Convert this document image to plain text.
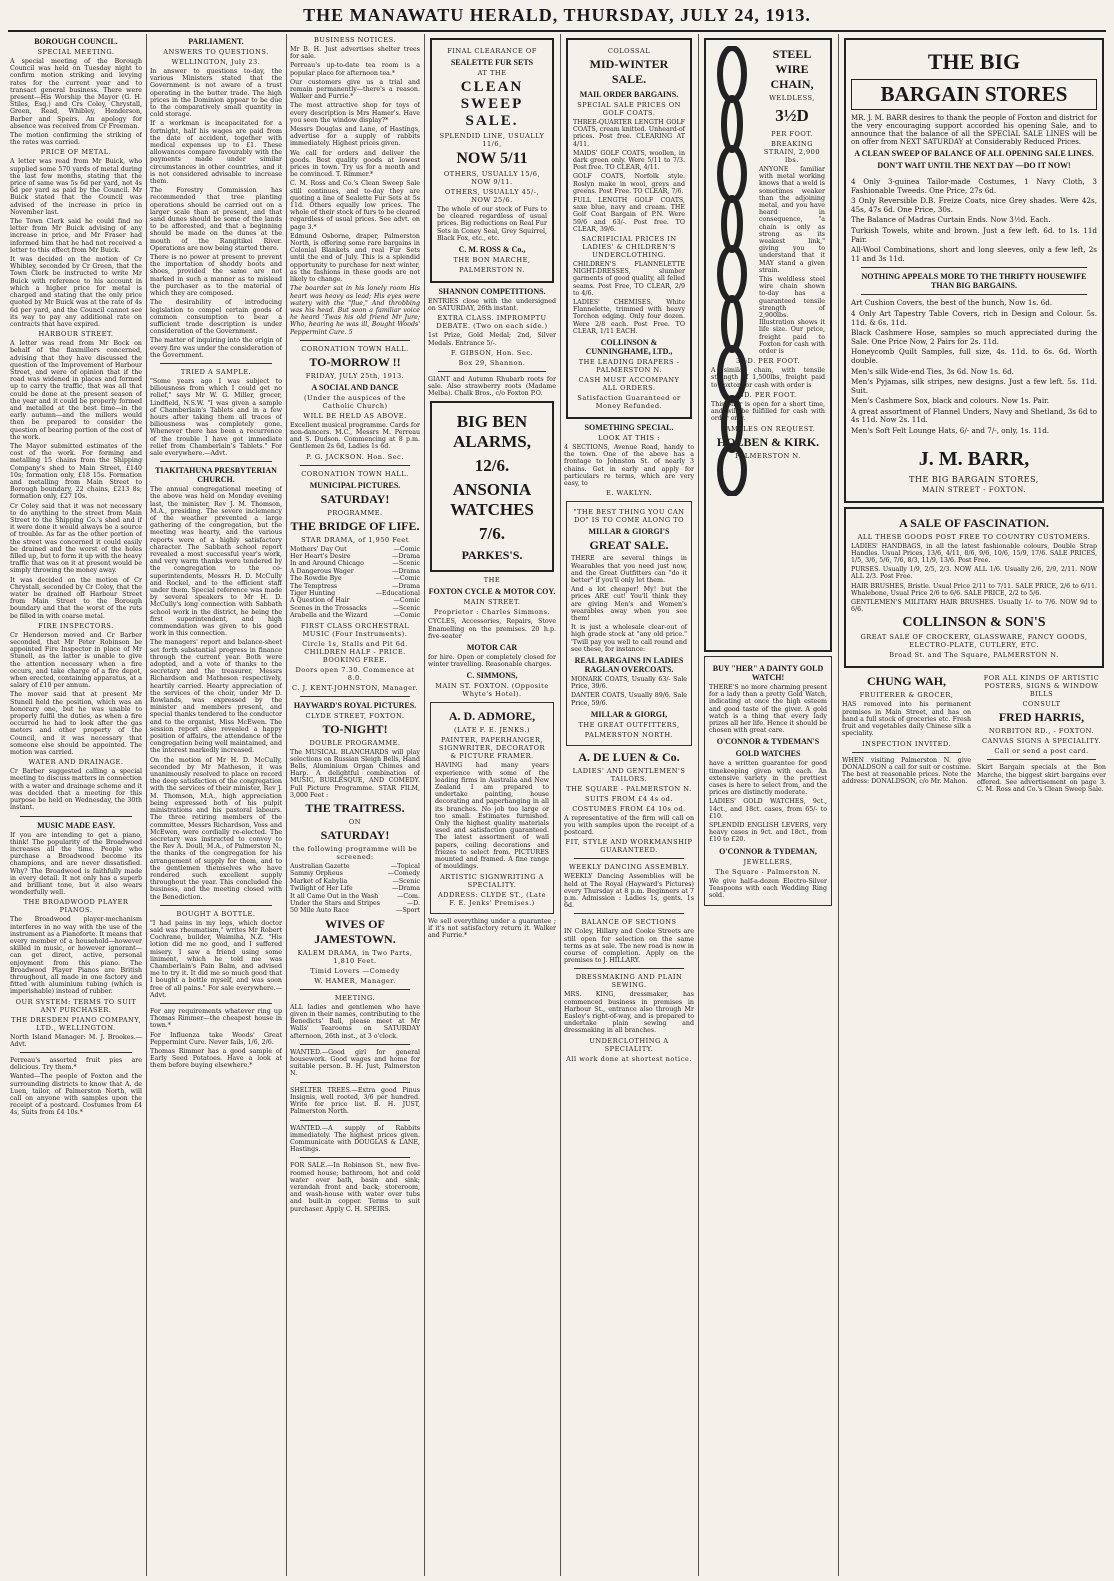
THE MANAWATU HERALD, THURSDAY, JULY 24, 1913.
BOROUGH COUNCIL.
SPECIAL MEETING.

A special meeting of the Borough Council was held on Tuesday night to confirm motion striking and levying rates for the current year and to transact general business. There were present—His Worship the Mayor (G. H. Stiles, Esq.) and Crs Coley, Chrystall, Green, Read, Whibley, Henderson, Barber and Speirs. An apology for absence was received from Cr Freeman.

The motion confirming the striking of the rates was carried.

PRICE OF METAL.

A letter was read from Mr Buick, who supplied some 570 yards of metal during the last few months, stating that the price of same was 5s 6d per yard, not 4s 6d per yard as paid by the Council. Mr Buick stated that the Council was advised of the increase in price in November last.

The Town Clerk said he could find no letter from Mr Buick advising of any increase in price, and Mr Fraser had informed him that he had not received a letter to this effect from Mr Buick.

It was decided on the motion of Cr Whibley, seconded by Cr Green, that the Town Clerk be instructed to write Mr Buick with reference to his account in which a higher price for metal is charged and stating that the only price quoted by Mr Buick was at the rate of 4s 6d per yard, and the Council cannot see its way to pay any additional rate on contracts that have expired.

HARBOUR STREET.

A letter was read from Mr Bock on behalf of the flaxmillers concerned, advising that they have discussed the question of the Improvement of Harbour Street, and were of opinion that if the road was widened in places and formed up to carry the traffic, that was all that could be done at the present season of the year and it could be properly formed and metalled at the best time—in the early autumn—and the millers would then be prepared to consider the question of bearing portion of the cost of the work.

The Mayor submitted estimates of the cost of the work. For forming and metalling 15 chains from the Shipping Company's shed to Main Street, £140 10s; formation only, £18 15s. Formation and metalling from Main Street to Borough boundary, 22 chains, £213 8s; formation only, £27 10s.

Cr Coley said that it was not necessary to do anything to the street from Main Street to the Shipping Co.'s shed and if it were done it would always be a source of trouble. As far as the other portion of the street was concerned it could easily be drained and the worst of the holes filled up, but to form it up with the heavy traffic that was on it at present would be simply throwing the money away.

It was decided on the motion of Cr Chrystall, seconded by Cr Coley, that the water be drained off Harbour Street from Main Street to the Borough boundary and that the worst of the ruts be filled in with coarse metal.

FIRE INSPECTORS.

Cr Henderson moved and Cr Barber seconded, that Mr Peter Robinson be appointed Fire Inspector in place of Mr Stunell, as the latter is unable to give the attention necessary when a fire occurs, and take charge of a fire depot, when erected, containing apparatus, at a salary of £10 per annum.

The mover said that at present Mr Stunell held the position, which was an honorary one, but he was unable to properly fulfil the duties, as when a fire occurred he had to look after the gas meters and other property of the Council, and it was necessary that someone else should be appointed. The motion was carried.

WATER AND DRAINAGE.

Cr Barber suggested calling a special meeting to discuss matters in connection with a water and drainage scheme and it was decided that a meeting for this purpose be held on Wednesday, the 30th instant.

MUSIC MADE EASY.

If you are intending to get a piano, think! The popularity of the Broadwood increases all the time. People who purchase a Broadwood become its champions, and are never dissatisfied. Why? The Broadwood is faithfully made in every detail. It not only has a superb and brilliant tone, but it also wears wonderfully well.

THE BROADWOOD PLAYER PIANOS.

The Broadwood player-mechanism interferes in no way with the use of the instrument as a Pianoforte. It means that every member of a household—however skilled in music, or however ignorant—can get direct, active, personal enjoyment from this piano. The Broadwood Player Pianos are British throughout, all made in one factory and fitted with aluminium tubing (which is imperishable) instead of rubber.

OUR SYSTEM: TERMS TO SUIT ANY PURCHASER.
THE DRESDEN PIANO COMPANY, LTD., WELLINGTON.

North Island Manager: M. J. Brookes.—Advt.

Perreau's assorted fruit pies are delicious. Try them.*

Wanted—The people of Foxton and the surrounding districts to know that A. de Luen, tailor, of Palmerston North, will call on anyone with samples upon the receipt of a postcard. Costumes from £4 4s, Suits from £4 10s.*

PARLIAMENT.
ANSWERS TO QUESTIONS.
WELLINGTON, July 23.

In answer to questions to-day, the various Ministers stated that the Government is not aware of a trust operating in the butter trade. The high prices in the Dominion appear to be due to the comparatively small quantity in cold storage.

If a workman is incapacitated for a fortnight, half his wages are paid from the date of accident, together with medical expenses up to £1. These allowances compare favourably with the payments made under similar circumstances in other countries, and it is not considered advisable to increase them.

The Forestry Commission has recommended that tree planting operations should be carried out on a larger scale than at present, and that sand dunes should be some of the lands to be afforested, and that a beginning should be made on the dunes at the mouth of the Rangitikei River. Operations are now being started there.

There is no power at present to prevent the importation of shoddy boots and shoes, provided the same are not marked in such a manner as to mislead the purchaser as to the material of which they are composed.

The desirability of introducing legislation to compel certain goods of common consumption to bear a sufficient trade description is under consideration of the Government.

The matter of inquiring into the origin of every fire was under the consideration of the Government.

TRIED A SAMPLE.

"Some years ago I was subject to biliousness from which I could get no relief," says Mr W. G. Miller, grocer, Lindfield, N.S.W. "I was given a sample of Chamberlain's Tablets and in a few hours after taking them all traces of biliousness was completely gone. Whenever there has been a recurrence of the trouble I have got immediate relief from Chamberlain's Tablets." For sale everywhere.—Advt.

TIAKITAHUNA PRESBYTERIAN CHURCH.

The annual congregational meeting of the above was held on Monday evening last, the minister, Rev J. M. Thomson, M.A., presiding. The severe inclemency of the weather prevented a large gathering of the congregation, but the meeting was hearty, and the various reports were of a highly satisfactory character. The Sabbath school report revealed a most successful year's work, and very warm thanks were tendered by the congregation to the co-superintendents, Messrs H. D. McCully and Rockel, and to the efficient staff under them. Special reference was made by several speakers to Mr H. D. McCully's long connection with Sabbath school work in the district, he being the first superintendent, and high commendation was given to his good work in this connection.

The managers' report and balance-sheet set forth substantial progress in finance through the current year. Both were adopted, and a vote of thanks to the secretary and the treasurer, Messrs Richardson and Matheson respectively, heartily carried. Hearty appreciation of the services of the choir, under Mr D. Rowlands, was expressed by the minister and members present, and special thanks tendered to the conductor and to the organist, Miss McEwen. The session report also revealed a happy position of affairs, the attendance of the congregation being well maintained, and the interest markedly increased.

On the motion of Mr H. D. McCully, seconded by Mr Matheson, it was unanimously resolved to place on record the deep satisfaction of the congregation with the services of their minister, Rev J. M. Thomson, M.A., high appreciation being expressed both of his pulpit ministrations and his pastoral labours. The three retiring members of the committee, Messrs Richardson, Voss and McEwen, were cordially re-elected. The secretary was instructed to convey to the Rev A. Doull, M.A., of Palmerston N., the thanks of the congregation for his arrangement of supply for them, and to the gentlemen themselves who have rendered such excellent supply throughout the year. This concluded the business, and the meeting closed with the Benediction.

BOUGHT A BOTTLE.

"I had pains in my legs, which doctor said was rheumatism," writes Mr Robert Cochrane, builder, Waimiha, N.Z. "His lotion did me no good, and I suffered misery. I saw a friend using some liniment, which he told me was Chamberlain's Pain Balm, and advised me to try it. It did me so much good that I bought a bottle myself, and was soon free of all pains." For sale everywhere.—Advt.

For any requirements whatever ring up Thomas Rimmer—the cheapest house in town.*

For Influenza take Woods' Great Peppermint Cure. Never fails, 1/6, 2/6.

Thomas Rimmer has a good sample of Early Seed Potatoes. Have a look at them before buying elsewhere.*

BUSINESS NOTICES.

Mr B. H. Just advertises shelter trees for sale.

Perreau's up-to-date tea room is a popular place for afternoon tea.*

Our customers give us a trial and remain permanently—there's a reason. Walker and Furrie.*

The most attractive shop for toys of every description is Mrs Hamer's. Have you seen the window display?*

Messrs Douglas and Lane, of Hastings, advertise for a supply of rabbits immediately. Highest prices given.

We call for orders and deliver the goods. Best quality goods at lowest prices in town. Try us for a month and be convinced. T. Rimmer.*

C. M. Ross and Co.'s Clean Sweep Sale still continues, and to-day they are quoting a line of Sealette Fur Sets at 5s 11d. Others equally low prices. The whole of their stock of furs to be cleared regardless of usual prices. See advt. on page 3.*

Edmund Osborne, draper, Palmerston North, is offering some rare bargains in Colonial Blankets and real Fur Sets until the end of July. This is a splendid opportunity to purchase for next winter, as the fashions in these goods are not likely to change.

The boarder sat in his lonely room His heart was heavy as lead; His eyes were watery with the "flue," And throbbing was his head. But soon a familiar voice he heard 'Twas his old friend Mr Jure; Who, hearing he was ill, Bought Woods' Peppermint Cure. 5

CORONATION TOWN HALL.
TO-MORROW !!
FRIDAY, JULY 25th, 1913.
A SOCIAL AND DANCE
(Under the auspices of the Catholic Church)
WILL BE HELD AS ABOVE.

Excellent musical programme. Cards for non-dancers. M.C., Messrs M. Perreau and S. Dudson. Commencing at 8 p.m. Gentlemen 2s 6d, Ladies 1s 6d.

P. G. JACKSON. Hon. Sec.
CORONATION TOWN HALL.
MUNICIPAL PICTURES.
SATURDAY!
PROGRAMME.
THE BRIDGE OF LIFE.
STAR DRAMA, of 1,950 Feet
Mothers' Day Out	—Comic
Her Heart's Desire	—Drama
In and Around Chicago	—Scenic
A Dangerous Wager	—Drama
The Rowdie Bye	—Comic
The Temptress	—Drama
Tiger Hunting	—Educational
A Question of Hair	—Comic
Scenes in the Trossacks	—Scenic
Arabella and the Wizard	—Comic
FIRST CLASS ORCHESTRAL MUSIC (Four Instruments).
Circle 1s, Stalls and Pit 6d. CHILDREN HALF - PRICE. BOOKING FREE.
Doors open 7.30. Commence at 8.0.
C. J. KENT-JOHNSTON, Manager.
HAYWARD'S ROYAL PICTURES.
CLYDE STREET, FOXTON.
TO-NIGHT!
DOUBLE PROGRAMME.

The MUSICAL BLANCHARDS will play selections on Russian Sleigh Bells, Hand Bells, Aluminium Organ Chimes and Harp. A delightful combination of MUSIC, BURLESQUE, AND COMEDY. Full Picture Programme. STAR FILM, 3,000 Feet :

THE TRAITRESS.
ON
SATURDAY!
the following programme will be screened:
Australian Gazette	—Topical
Sammy Orpheus	—Comedy
Market of Kabylia	—Scenic
Twilight of Her Life	—Drama
It all Came Out in the Wash	—Com.
Under the Stars and Stripes	—D.
50 Mile Auto Race	—Sport
WIVES OF JAMESTOWN.
KALEM DRAMA, in Two Parts, 1,810 Feet.
Timid Lovers —Comedy
W. HAMER, Manager.
MEETING.

ALL ladies and gentlemen who have given in their names, contributing to the Benedicts' Ball, please meet at Mr Walls' Tearooms on SATURDAY afternoon, 26th inst., at 3 o'clock.

WANTED.—Good girl for general housework. Good wages and home for suitable person. B. H. Just, Palmerston N.

SHELTER TREES.—Extra good Pinus Insignis, well rooted, 3/6 per hundred. Write for price list. B. H. JUST, Palmerston North.

WANTED.—A supply of Rabbits immediately. The highest prices given. Communicate with DOUGLAS & LANE, Hastings.

FOR SALE.—In Robinson St., new five-roomed house; bathroom, hot and cold water over bath, basin and sink; verandah front and back; storeroom, and wash-house with water over tubs and built-in copper. Terms to suit purchaser. Apply C. H. SPEIRS.

FINAL CLEARANCE OF
SEALETTE FUR SETS
AT THE
CLEAN SWEEP SALE.
SPLENDID LINE, USUALLY 11/6,
NOW 5/11
OTHERS, USUALLY 15/6, NOW 9/11.
OTHERS, USUALLY 45/-, NOW 25/6.

The whole of our stock of Furs to be cleared regardless of usual prices. Big reductions on Real Fur Sets in Coney Seal, Grey Squirrel, Black Fox, etc., etc.

C. M. ROSS & Co.,
THE BON MARCHE,
PALMERSTON N.
SHANNON COMPETITIONS.

ENTRIES close with the undersigned on SATURDAY, 26th instant.

EXTRA CLASS. IMPROMPTU DEBATE. (Two on each side.)

1st Prize, Gold Medal; 2nd, Silver Medals. Entrance 5/-.

F. GIBSON, Hon. Sec.
Box 29, Shannon.

GIANT and Autumn Rhubarb roots for sale. Also strawberry roots (Madame Melba). Chalk Bros., c/o Foxton P.O.

BIG BEN ALARMS,
12/6.
ANSONIA WATCHES
7/6.
PARKES'S.
THE
FOXTON CYCLE & MOTOR COY.
MAIN STREET.
Proprietor : Charles Simmons.

CYCLES, Accessories, Repairs, Stove Enamelling on the premises. 20 h.p. five-seater

MOTOR CAR

for hire. Open or completely closed for winter travelling. Reasonable charges.

C. SIMMONS,
MAIN ST. FOXTON. (Opposite Whyte's Hotel).
A. D. ADMORE,
(LATE F. E. JENKS.)
PAINTER, PAPERHANGER, SIGNWRITER, DECORATOR & PICTURE FRAMER.

HAVING had many years experience with some of the leading firms in Australia and New Zealand I am prepared to undertake painting, house decorating and paperhanging in all its branches. No job too large or too small. Estimates furnished. Only the highest quality materials used and satisfaction guaranteed. The latest assortment of wall papers, ceiling decorations and friezes to select from. PICTURES mounted and framed. A fine range of mouldings.

ARTISTIC SIGNWRITING A SPECIALITY.
ADDRESS: CLYDE ST., (Late F. E. Jenks' Premises.)

We sell everything under a guarantee ; if it's not satisfactory return it. Walker and Furrie.*

COLOSSAL
MID-WINTER SALE.
MAIL ORDER BARGAINS.
SPECIAL SALE PRICES ON GOLF COATS.

THREE-QUARTER LENGTH GOLF COATS, cream knitted. Unheard-of prices. Post free. CLEARING AT 4/11.

MAIDS' GOLF COATS, woollen, in dark green only. Were 5/11 to 7/3. Post free. TO CLEAR, 4/11.

GOLF COATS, Norfolk style. Roslyn make in wool, greys and greens. Post Free. TO CLEAR, 7/6.

FULL LENGTH GOLF COATS, saxe blue, navy and cream. THE Golf Coat Bargain of P.N. Were 59/6 and 63/-. Post free. TO CLEAR, 39/6.

SACRIFICIAL PRICES IN LADIES' & CHILDREN'S UNDERCLOTHING.

CHILDREN'S FLANNELETTE NIGHT-DRESSES, slumber garments of good quality, all felled seams. Post Free, TO CLEAR, 2/9 to 4/6.

LADIES' CHEMISES, White Flannelette, trimmed with heavy Torchon edging. Only four dozen. Were 2/8 each. Post Free. TO CLEAR, 1/11 EACH.

COLLINSON & CUNNINGHAME, LTD.,
THE LEADING DRAPERS - PALMERSTON N.
CASH MUST ACCOMPANY ALL ORDERS.
Satisfaction Guaranteed or Money Refunded.
SOMETHING SPECIAL.
LOOK AT THIS :

4 SECTIONS, Avenue Road, handy to the town. One of the above has a frontage to Johnston St. of nearly 3 chains. Get in early and apply for particulars re terms, which are very easy, to

E. WAKLYN.
"THE BEST THING YOU CAN DO" IS TO COME ALONG TO
MILLAR & GIORGI'S
GREAT SALE.

THERE are several things in Wearables that you need just now, and the Great Outfitters can "do it better" if you'll only let them.

And a lot cheaper! My! but the prices ARE cut! You'll think they are giving Men's and Women's wearables away when you see them!

It is just a wholesale clear-out of high grade stock at "any old price." 'Twill pay you well to call round and see these, for instance:

REAL BARGAINS IN LADIES RAGLAN OVERCOATS.

MONARK COATS, Usually 63/- Sale Price, 39/6.

DANTER COATS, Usually 89/6. Sale Price, 59/6.

MILLAR & GIORGI,
THE GREAT OUTFITTERS,
PALMERSTON NORTH.
A. DE LUEN & Co.
LADIES' AND GENTLEMEN'S TAILORS.
THE SQUARE - PALMERSTON N.
SUITS FROM £4 4s od.
COSTUMES FROM £4 10s od.

A representative of the firm will call on you with samples upon the receipt of a postcard.

FIT, STYLE AND WORKMANSHIP GUARANTEED.
WEEKLY DANCING ASSEMBLY.

WEEKLY Dancing Assemblies will be held at The Royal (Hayward's Pictures) every Thursday at 8 p.m. Beginners at 7 p.m. Admission : Ladies 1s, gents. 1s 6d.

BALANCE OF SECTIONS

IN Coley, Hillary and Cooke Streets are still open for selection on the same terms as at sale. The new road is now in course of completion. Apply on the premises to J. HILLARY.

DRESSMAKING AND PLAIN SEWING.

MRS. KING, dressmaker, has commenced business in premises in Harbour St., entrance also through Mr Easley's right-of-way, and is prepared to undertake plain sewing and dressmaking in all branches.

UNDERCLOTHING A SPECIALITY.
All work done at shortest notice.
STEEL WIRE CHAIN,
WELDLESS,
3½D
PER FOOT.
BREAKING STRAIN, 2,900 lbs.

ANYONE familiar with metal working knows that a weld is sometimes weaker than the adjoining metal, and you have heard in consequence, "a chain is only as strong as its weakest link," giving you to understand that it MAY stand a given strain.

This weldless steel wire chain shown to-day has a guaranteed tensile strength of 2,900lbs. Illustration shows it life size. Our price, freight paid to Foxton for cash with order is

3½D. PER FOOT.

A similar chain, with tensile strength of 1,500lbs, freight paid to Foxton for cash with order is

3D. PER FOOT.

This offer is open for a short time, and will be fulfilled for cash with order only.

SAMPLES ON REQUEST.
HOLBEN & KIRK.
PALMERSTON N.
BUY "HER" A DAINTY GOLD WATCH!

THERE'S no more charming present for a lady than a pretty Gold Watch, indicating at once the high esteem and good taste of the giver. A gold watch is a thing that every lady prizes all her life. Hence it should be chosen with great care.

O'CONNOR & TYDEMAN'S
GOLD WATCHES

have a written guarantee for good timekeeping given with each. An extensive variety in the prettiest cases is here to select from, and the prices are distinctly moderate.

LADIES' GOLD WATCHES, 9ct., 14ct., and 18ct. cases, from 65/- to £10.

SPLENDID ENGLISH LEVERS, very heavy cases in 9ct. and 18ct., from £10 to £20.

O'CONNOR & TYDEMAN,
JEWELLERS,
The Square - Palmerston N.

We give half-a-dozen Electro-Silver Teaspoons with each Wedding Ring sold.

THE BIG
BARGAIN STORES

MR. J. M. BARR desires to thank the people of Foxton and district for the very encouraging support accorded his opening Sale, and to announce that the balance of all the SPECIAL SALE LINES will be on offer from NEXT SATURDAY at Considerably Reduced Prices.

A CLEAN SWEEP OF BALANCE OF ALL OPENING SALE LINES.
DON'T WAIT UNTIL THE NEXT DAY —DO IT NOW!

4 Only 3-guinea Tailor-made Costumes, 1 Navy Cloth, 3 Fashionable Tweeds. One Price, 27s 6d.

3 Only Reversible D.B. Freize Coats, nice Grey shades. Were 42s, 45s, 47s 6d. One Price, 30s.

The Balance of Madras Curtain Ends. Now 3½d. Each.

Turkish Towels, white and brown. Just a few left. 6d. to 1s. 11d Pair.

All-Wool Combinations, short and long sleeves, only a few left, 2s 11 and 3s 11d.

NOTHING APPEALS MORE TO THE THRIFTY HOUSEWIFE THAN BIG BARGAINS.

Art Cushion Covers, the best of the bunch, Now 1s. 6d.

4 Only Art Tapestry Table Covers, rich in Design and Colour. 5s. 11d. & 6s. 11d.

Black Cashmere Hose, samples so much appreciated during the Sale. One Price Now, 2 Pairs for 2s. 11d.

Honeycomb Quilt Samples, full size, 4s. 11d. to 6s. 6d. Worth double.

Men's silk Wide-end Ties, 3s 6d. Now 1s. 6d.

Men's Pyjamas, silk stripes, new designs. Just a few left. 5s. 11d. Suit.

Men's Cashmere Sox, black and colours. Now 1s. Pair.

A great assortment of Flannel Unders, Navy and Shetland, 3s 6d to 4s 11d. Now 2s. 11d.

Men's Soft Felt Lounge Hats, 6/- and 7/-, only, 1s. 11d.

J. M. BARR,
THE BIG BARGAIN STORES,
MAIN STREET - FOXTON.
A SALE OF FASCINATION.
ALL THESE GOODS POST FREE TO COUNTRY CUSTOMERS.

LADIES' HANDBAGS, in all the latest fashionable colours, Double Strap Handles. Usual Prices, 13/6, 4/11, 8/6, 9/6, 10/6, 15/9, 17/6. SALE PRICES, 1/5, 3/6, 5/6, 7/6, 8/3, 11/9, 13/6. Post Free.

PURSES. Usually 1/9, 2/5, 2/3. NOW ALL 1/6. Usually 2/6, 2/9, 2/11. NOW ALL 2/3. Post Free.

HAIR BRUSHES, Bristle. Usual Price 2/11 to 7/11. SALE PRICE, 2/6 to 6/11. Whalebone, Usual Price 2/6 to 6/6. SALE PRICE, 2/2 to 5/6.

GENTLEMEN'S MILITARY HAIR BRUSHES. Usually 1/- to 7/6. NOW 9d to 6/6.

COLLINSON & SON'S
GREAT SALE OF CROCKERY, GLASSWARE, FANCY GOODS, ELECTRO-PLATE, CUTLERY, ETC.
Broad St. and The Square, PALMERSTON N.
CHUNG WAH,
FRUITERER & GROCER,

HAS removed into his permanent premises in Main Street, and has on hand a full stock of groceries etc. Fresh fruit and vegetables daily Chinese silk a speciality.

INSPECTION INVITED.

WHEN visiting Palmerston N. give DONALDSON a call for suit or costume. The best at reasonable prices. Note the address: DONALDSON, c/o Mr. Mahon.

FOR ALL KINDS OF ARTISTIC POSTERS, SIGNS & WINDOW BILLS
CONSULT
FRED HARRIS,
NORBITON RD., - FOXTON.
CANVAS SIGNS A SPECIALITY.
Call or send a post card.

Skirt Bargain specials at the Bon Marche, the biggest skirt bargains ever offered. See advertisement on page 3. C. M. Ross and Co.'s Clean Sweep Sale.
